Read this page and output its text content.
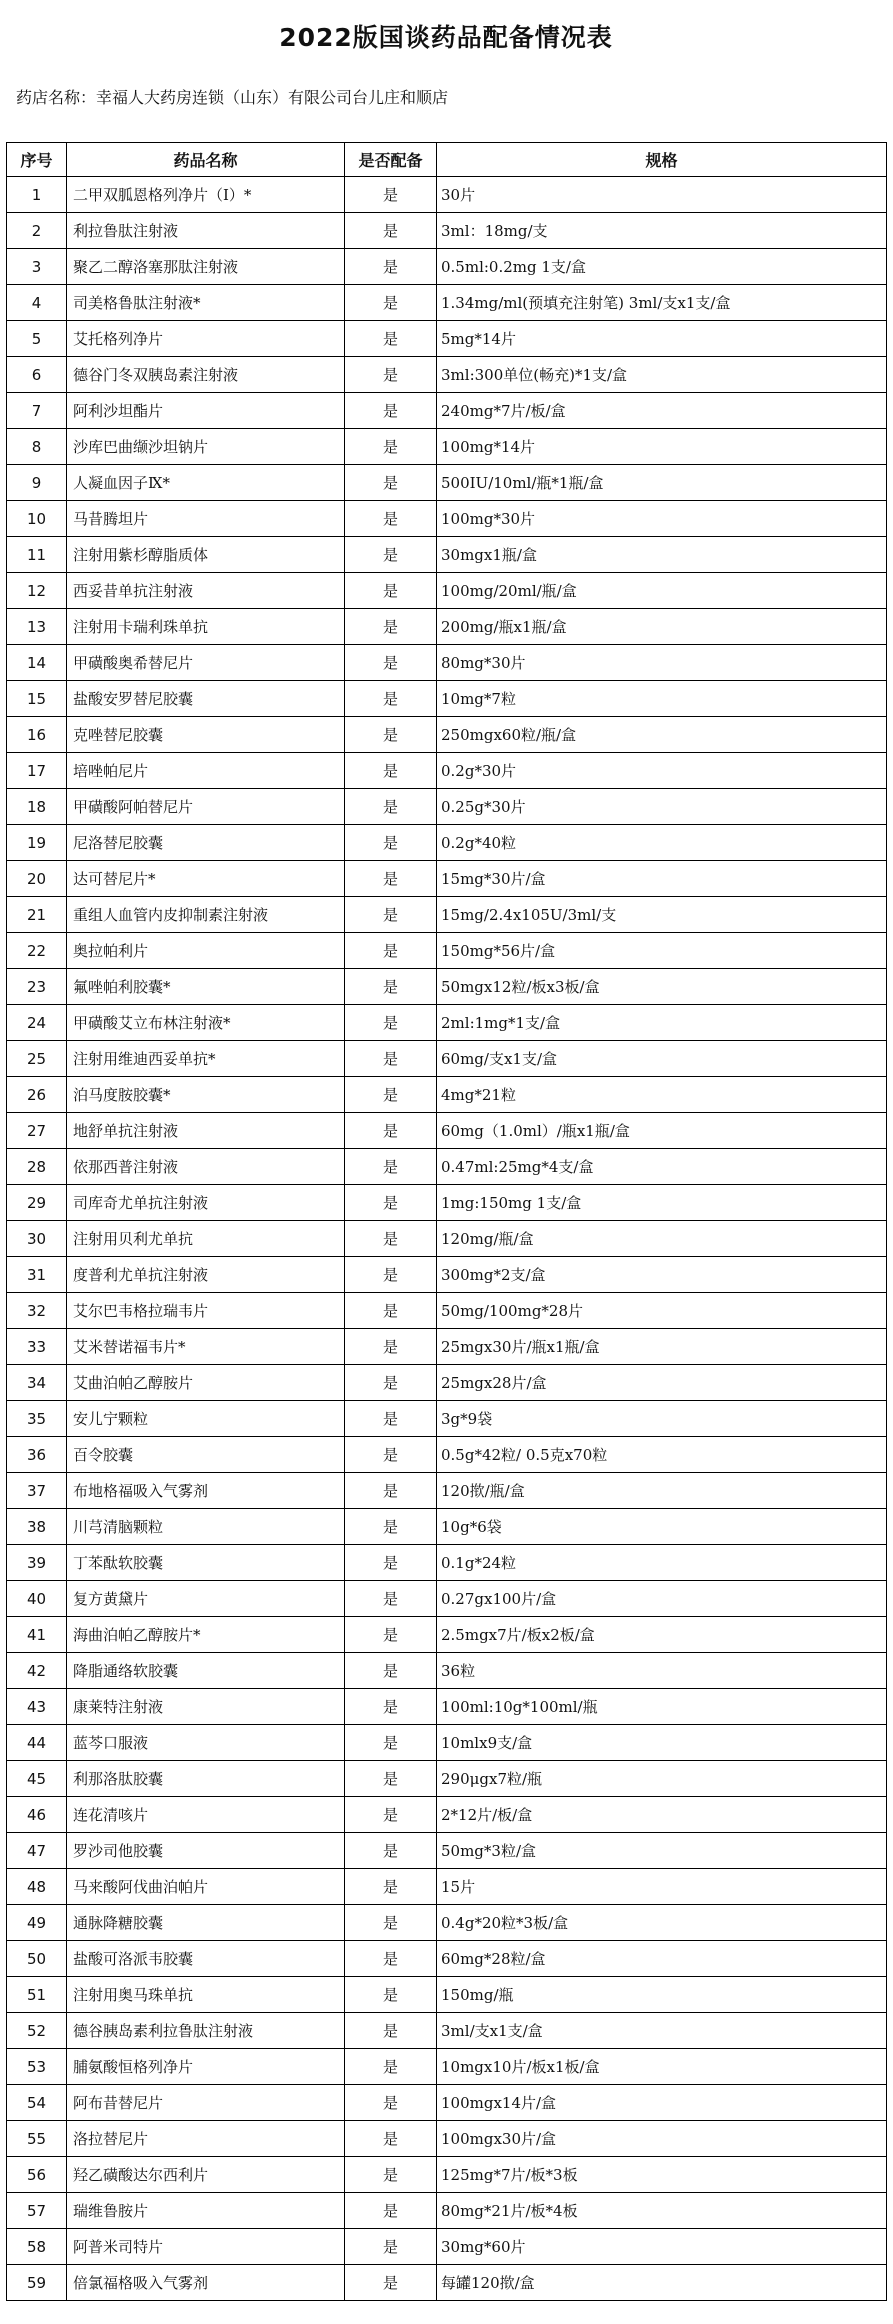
2022版国谈药品配备情况表
药店名称：幸福人大药房连锁（山东）有限公司台儿庄和顺店
序号	药品名称	是否配备	规格
1	二甲双胍恩格列净片（Ⅰ）*	是	30片
2	利拉鲁肽注射液	是	3ml：18mg/支
3	聚乙二醇洛塞那肽注射液	是	0.5ml:0.2mg 1支/盒
4	司美格鲁肽注射液*	是	1.34mg/ml(预填充注射笔) 3ml/支x1支/盒
5	艾托格列净片	是	5mg*14片
6	德谷门冬双胰岛素注射液	是	3ml:300单位(畅充)*1支/盒
7	阿利沙坦酯片	是	240mg*7片/板/盒
8	沙库巴曲缬沙坦钠片	是	100mg*14片
9	人凝血因子Ⅸ*	是	500IU/10ml/瓶*1瓶/盒
10	马昔腾坦片	是	100mg*30片
11	注射用紫杉醇脂质体	是	30mgx1瓶/盒
12	西妥昔单抗注射液	是	100mg/20ml/瓶/盒
13	注射用卡瑞利珠单抗	是	200mg/瓶x1瓶/盒
14	甲磺酸奥希替尼片	是	80mg*30片
15	盐酸安罗替尼胶囊	是	10mg*7粒
16	克唑替尼胶囊	是	250mgx60粒/瓶/盒
17	培唑帕尼片	是	0.2g*30片
18	甲磺酸阿帕替尼片	是	0.25g*30片
19	尼洛替尼胶囊	是	0.2g*40粒
20	达可替尼片*	是	15mg*30片/盒
21	重组人血管内皮抑制素注射液	是	15mg/2.4x105U/3ml/支
22	奥拉帕利片	是	150mg*56片/盒
23	氟唑帕利胶囊*	是	50mgx12粒/板x3板/盒
24	甲磺酸艾立布林注射液*	是	2ml:1mg*1支/盒
25	注射用维迪西妥单抗*	是	60mg/支x1支/盒
26	泊马度胺胶囊*	是	4mg*21粒
27	地舒单抗注射液	是	60mg（1.0ml）/瓶x1瓶/盒
28	依那西普注射液	是	0.47ml:25mg*4支/盒
29	司库奇尤单抗注射液	是	1mg:150mg 1支/盒
30	注射用贝利尤单抗	是	120mg/瓶/盒
31	度普利尤单抗注射液	是	300mg*2支/盒
32	艾尔巴韦格拉瑞韦片	是	50mg/100mg*28片
33	艾米替诺福韦片*	是	25mgx30片/瓶x1瓶/盒
34	艾曲泊帕乙醇胺片	是	25mgx28片/盒
35	安儿宁颗粒	是	3g*9袋
36	百令胶囊	是	0.5g*42粒/ 0.5克x70粒
37	布地格福吸入气雾剂	是	120揿/瓶/盒
38	川芎清脑颗粒	是	10g*6袋
39	丁苯酞软胶囊	是	0.1g*24粒
40	复方黄黛片	是	0.27gx100片/盒
41	海曲泊帕乙醇胺片*	是	2.5mgx7片/板x2板/盒
42	降脂通络软胶囊	是	36粒
43	康莱特注射液	是	100ml:10g*100ml/瓶
44	蓝芩口服液	是	10mlx9支/盒
45	利那洛肽胶囊	是	290μgx7粒/瓶
46	连花清咳片	是	2*12片/板/盒
47	罗沙司他胶囊	是	50mg*3粒/盒
48	马来酸阿伐曲泊帕片	是	15片
49	通脉降糖胶囊	是	0.4g*20粒*3板/盒
50	盐酸可洛派韦胶囊	是	60mg*28粒/盒
51	注射用奥马珠单抗	是	150mg/瓶
52	德谷胰岛素利拉鲁肽注射液	是	3ml/支x1支/盒
53	脯氨酸恒格列净片	是	10mgx10片/板x1板/盒
54	阿布昔替尼片	是	100mgx14片/盒
55	洛拉替尼片	是	100mgx30片/盒
56	羟乙磺酸达尔西利片	是	125mg*7片/板*3板
57	瑞维鲁胺片	是	80mg*21片/板*4板
58	阿普米司特片	是	30mg*60片
59	倍氯福格吸入气雾剂	是	每罐120揿/盒
